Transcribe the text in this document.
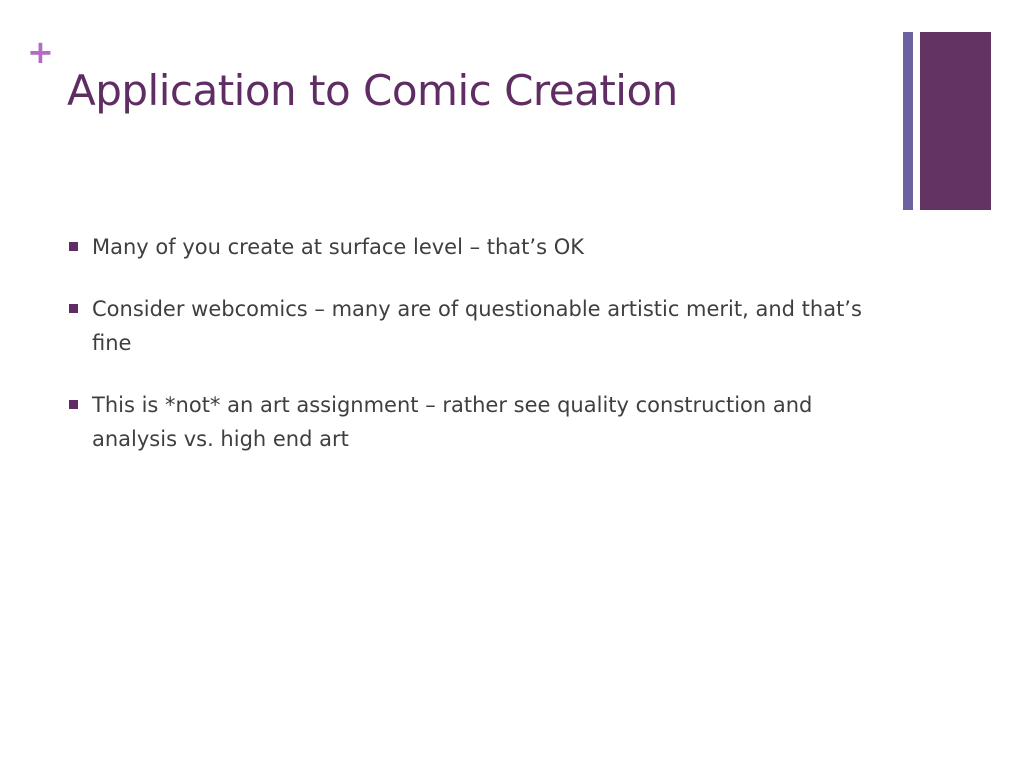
+
Application to Comic Creation
Many of you create at surface level – that’s OK
Consider webcomics – many are of questionable artistic merit, and that’s fine
This is *not* an art assignment – rather see quality construction and analysis vs. high end art
